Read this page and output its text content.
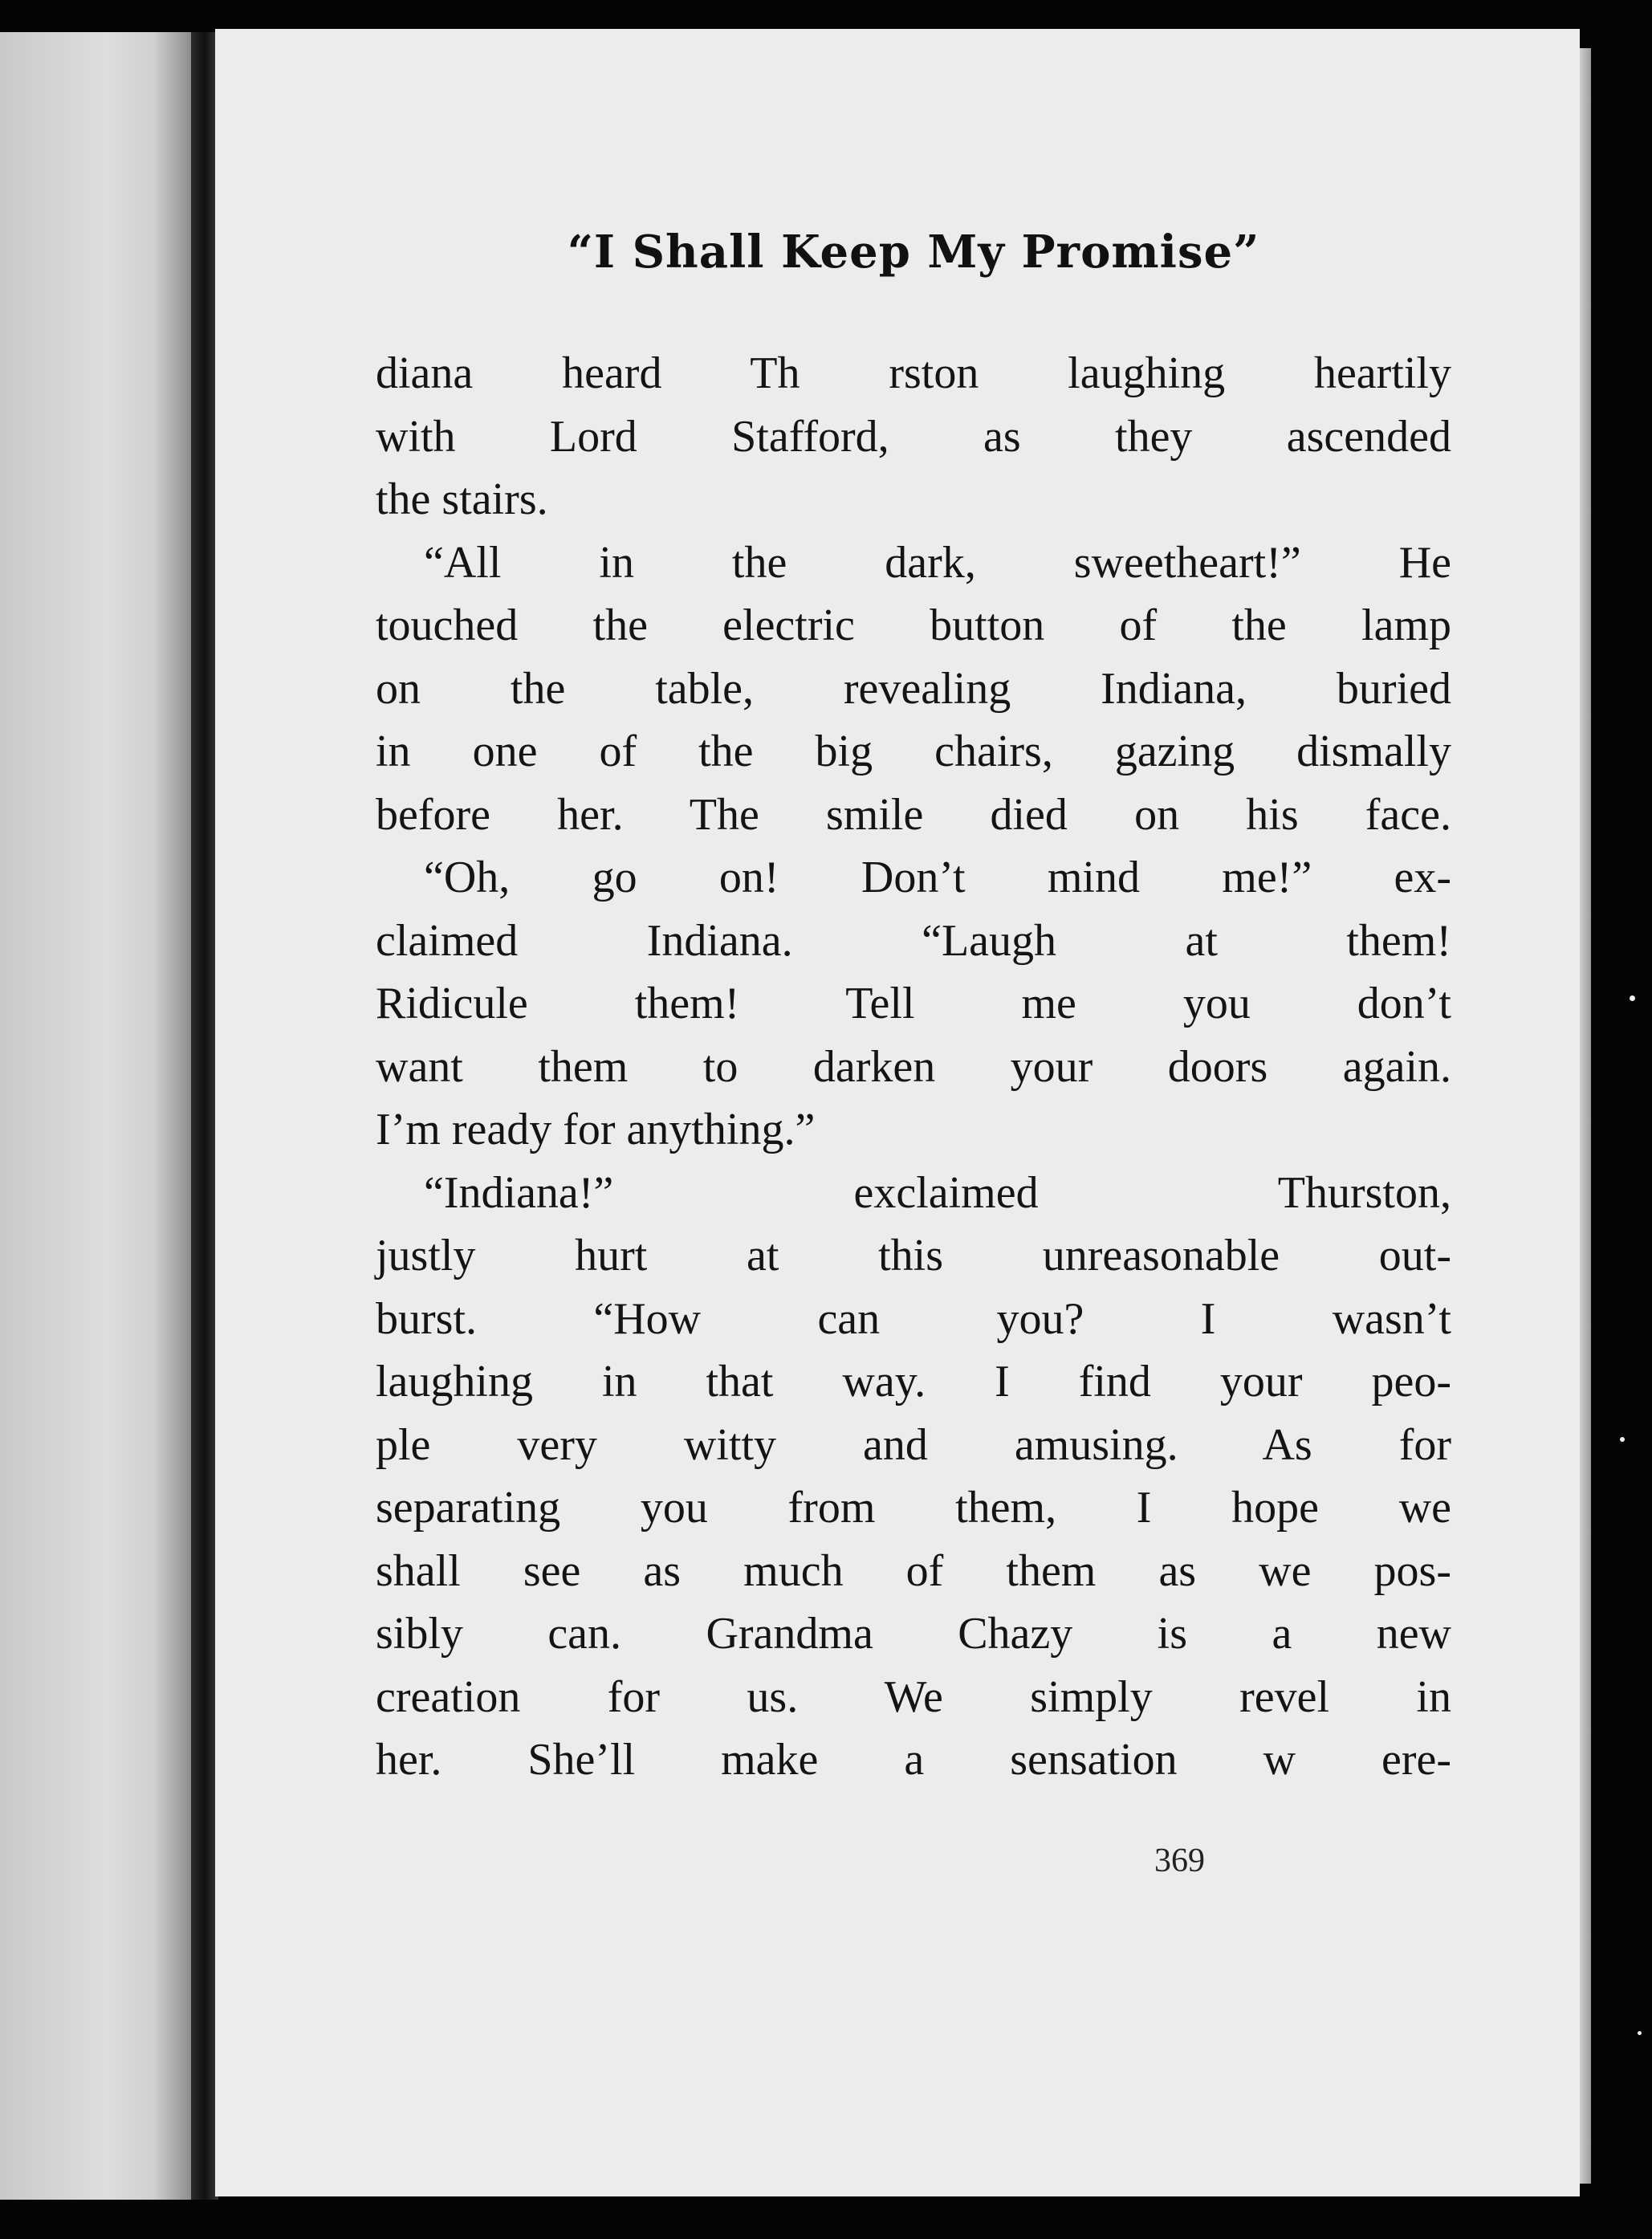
“I Shall Keep My Promise”
diana heard Th rston laughing heartily
with Lord Stafford, as they ascended
the stairs.
“All in the dark, sweetheart!” He
touched the electric button of the lamp
on the table, revealing Indiana, buried
in one of the big chairs, gazing dismally
before her. The smile died on his face.
“Oh, go on! Don’t mind me!” ex-
claimed Indiana. “Laugh at them!
Ridicule them! Tell me you don’t
want them to darken your doors again.
I’m ready for anything.”
“Indiana!” exclaimed Thurston,
justly hurt at this unreasonable out-
burst. “How can you? I wasn’t
laughing in that way. I find your peo-
ple very witty and amusing. As for
separating you from them, I hope we
shall see as much of them as we pos-
sibly can. Grandma Chazy is a new
creation for us. We simply revel in
her. She’ll make a sensation w ere-
369
